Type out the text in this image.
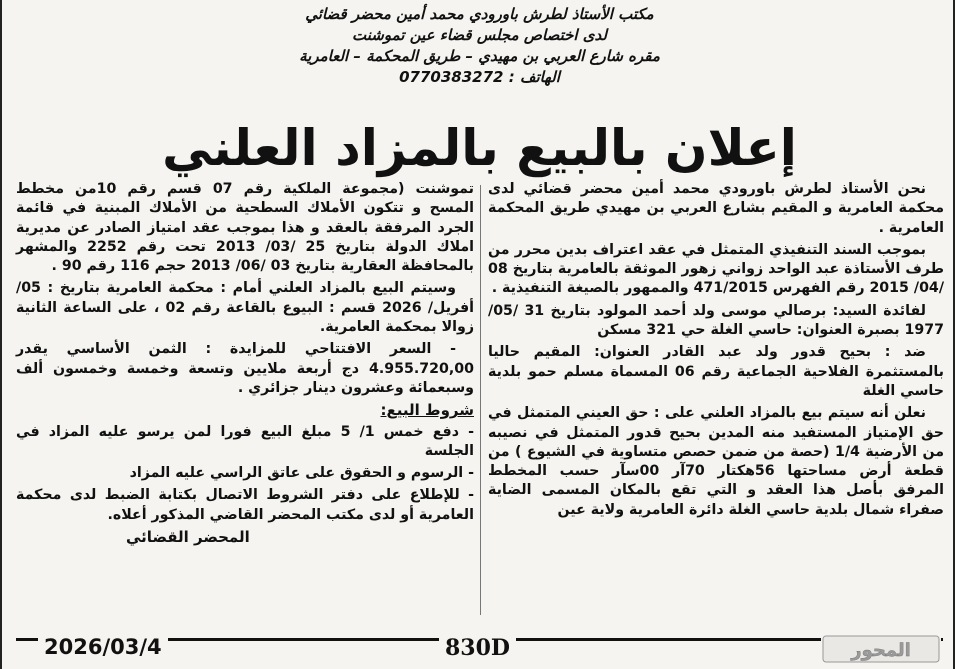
مكتب الأستاذ لطرش باورودي محمد أمين محضر قضائي
لدى اختصاص مجلس قضاء عين تموشنت
مقره شارع العربي بن مهيدي – طريق المحكمة – العامرية
الهاتف : 0770383272
إعلان بالبيع بالمزاد العلني

نحن الأستاذ لطرش باورودي محمد أمين محضر قضائي لدى محكمة العامرية و المقيم بشارع العربي بن مهيدي طريق المحكمة العامرية .

بموجب السند التنفيذي المتمثل في عقد اعتراف بدين محرر من طرف الأستاذة عبد الواحد زواني زهور الموثقة بالعامرية بتاريخ 08 /04/ 2015 رقم الفهرس 471/2015 والممهور بالصيغة التنفيذية .

لفائدة السيد: برصالي موسى ولد أحمد المولود بتاريخ 31 /05/ 1977 بصبرة العنوان: حاسي الغلة حي 321 مسكن

ضد : بحيح قدور ولد عبد القادر العنوان: المقيم حاليا بالمستثمرة الفلاحية الجماعية رقم 06 المسماة مسلم حمو بلدية حاسي الغلة

نعلن أنه سيتم بيع بالمزاد العلني على : حق العيني المتمثل في حق الإمتياز المستفيد منه المدين بحيح قدور المتمثل في نصيبه من الأرضية 1/4 (حصة من ضمن حصص متساوية في الشيوع ) من قطعة أرض مساحتها 56هكتار 70آر 00سآر حسب المخطط المرفق بأصل هذا العقد و التي تقع بالمكان المسمى الضاية صفراء شمال بلدية حاسي الغلة دائرة العامرية ولاية عين

تموشنت (مجموعة الملكية رقم 07 قسم رقم 10من مخطط المسح و تتكون الأملاك السطحية من الأملاك المبنية في قائمة الجرد المرفقة بالعقد و هذا بموجب عقد امتياز الصادر عن مديرية املاك الدولة بتاريخ 25 /03/ 2013 تحت رقم 2252 والمشهر بالمحافظة العقارية بتاريخ 03 /06/ 2013 حجم 116 رقم 90 .

وسيتم البيع بالمزاد العلني أمام : محكمة العامرية بتاريخ : 05/أفريل/ 2026 قسم : البيوع بالقاعة رقم 02 ، على الساعة الثانية زوالا بمحكمة العامرية.

- السعر الافتتاحي للمزايدة : الثمن الأساسي يقدر 4.955.720,00 دج أربعة ملايين وتسعة وخمسة وخمسون ألف وسبعمائة وعشرون دينار جزائري .

شروط البيع:

- دفع خمس 1/ 5 مبلغ البيع فورا لمن يرسو عليه المزاد في الجلسة

- الرسوم و الحقوق على عاتق الراسي عليه المزاد

- للإطلاع على دفتر الشروط الاتصال بكتابة الضبط لدى محكمة العامرية أو لدى مكتب المحضر القاضي المذكور أعلاه.

المحضر القضائي
2026/03/4	830D	المحور
